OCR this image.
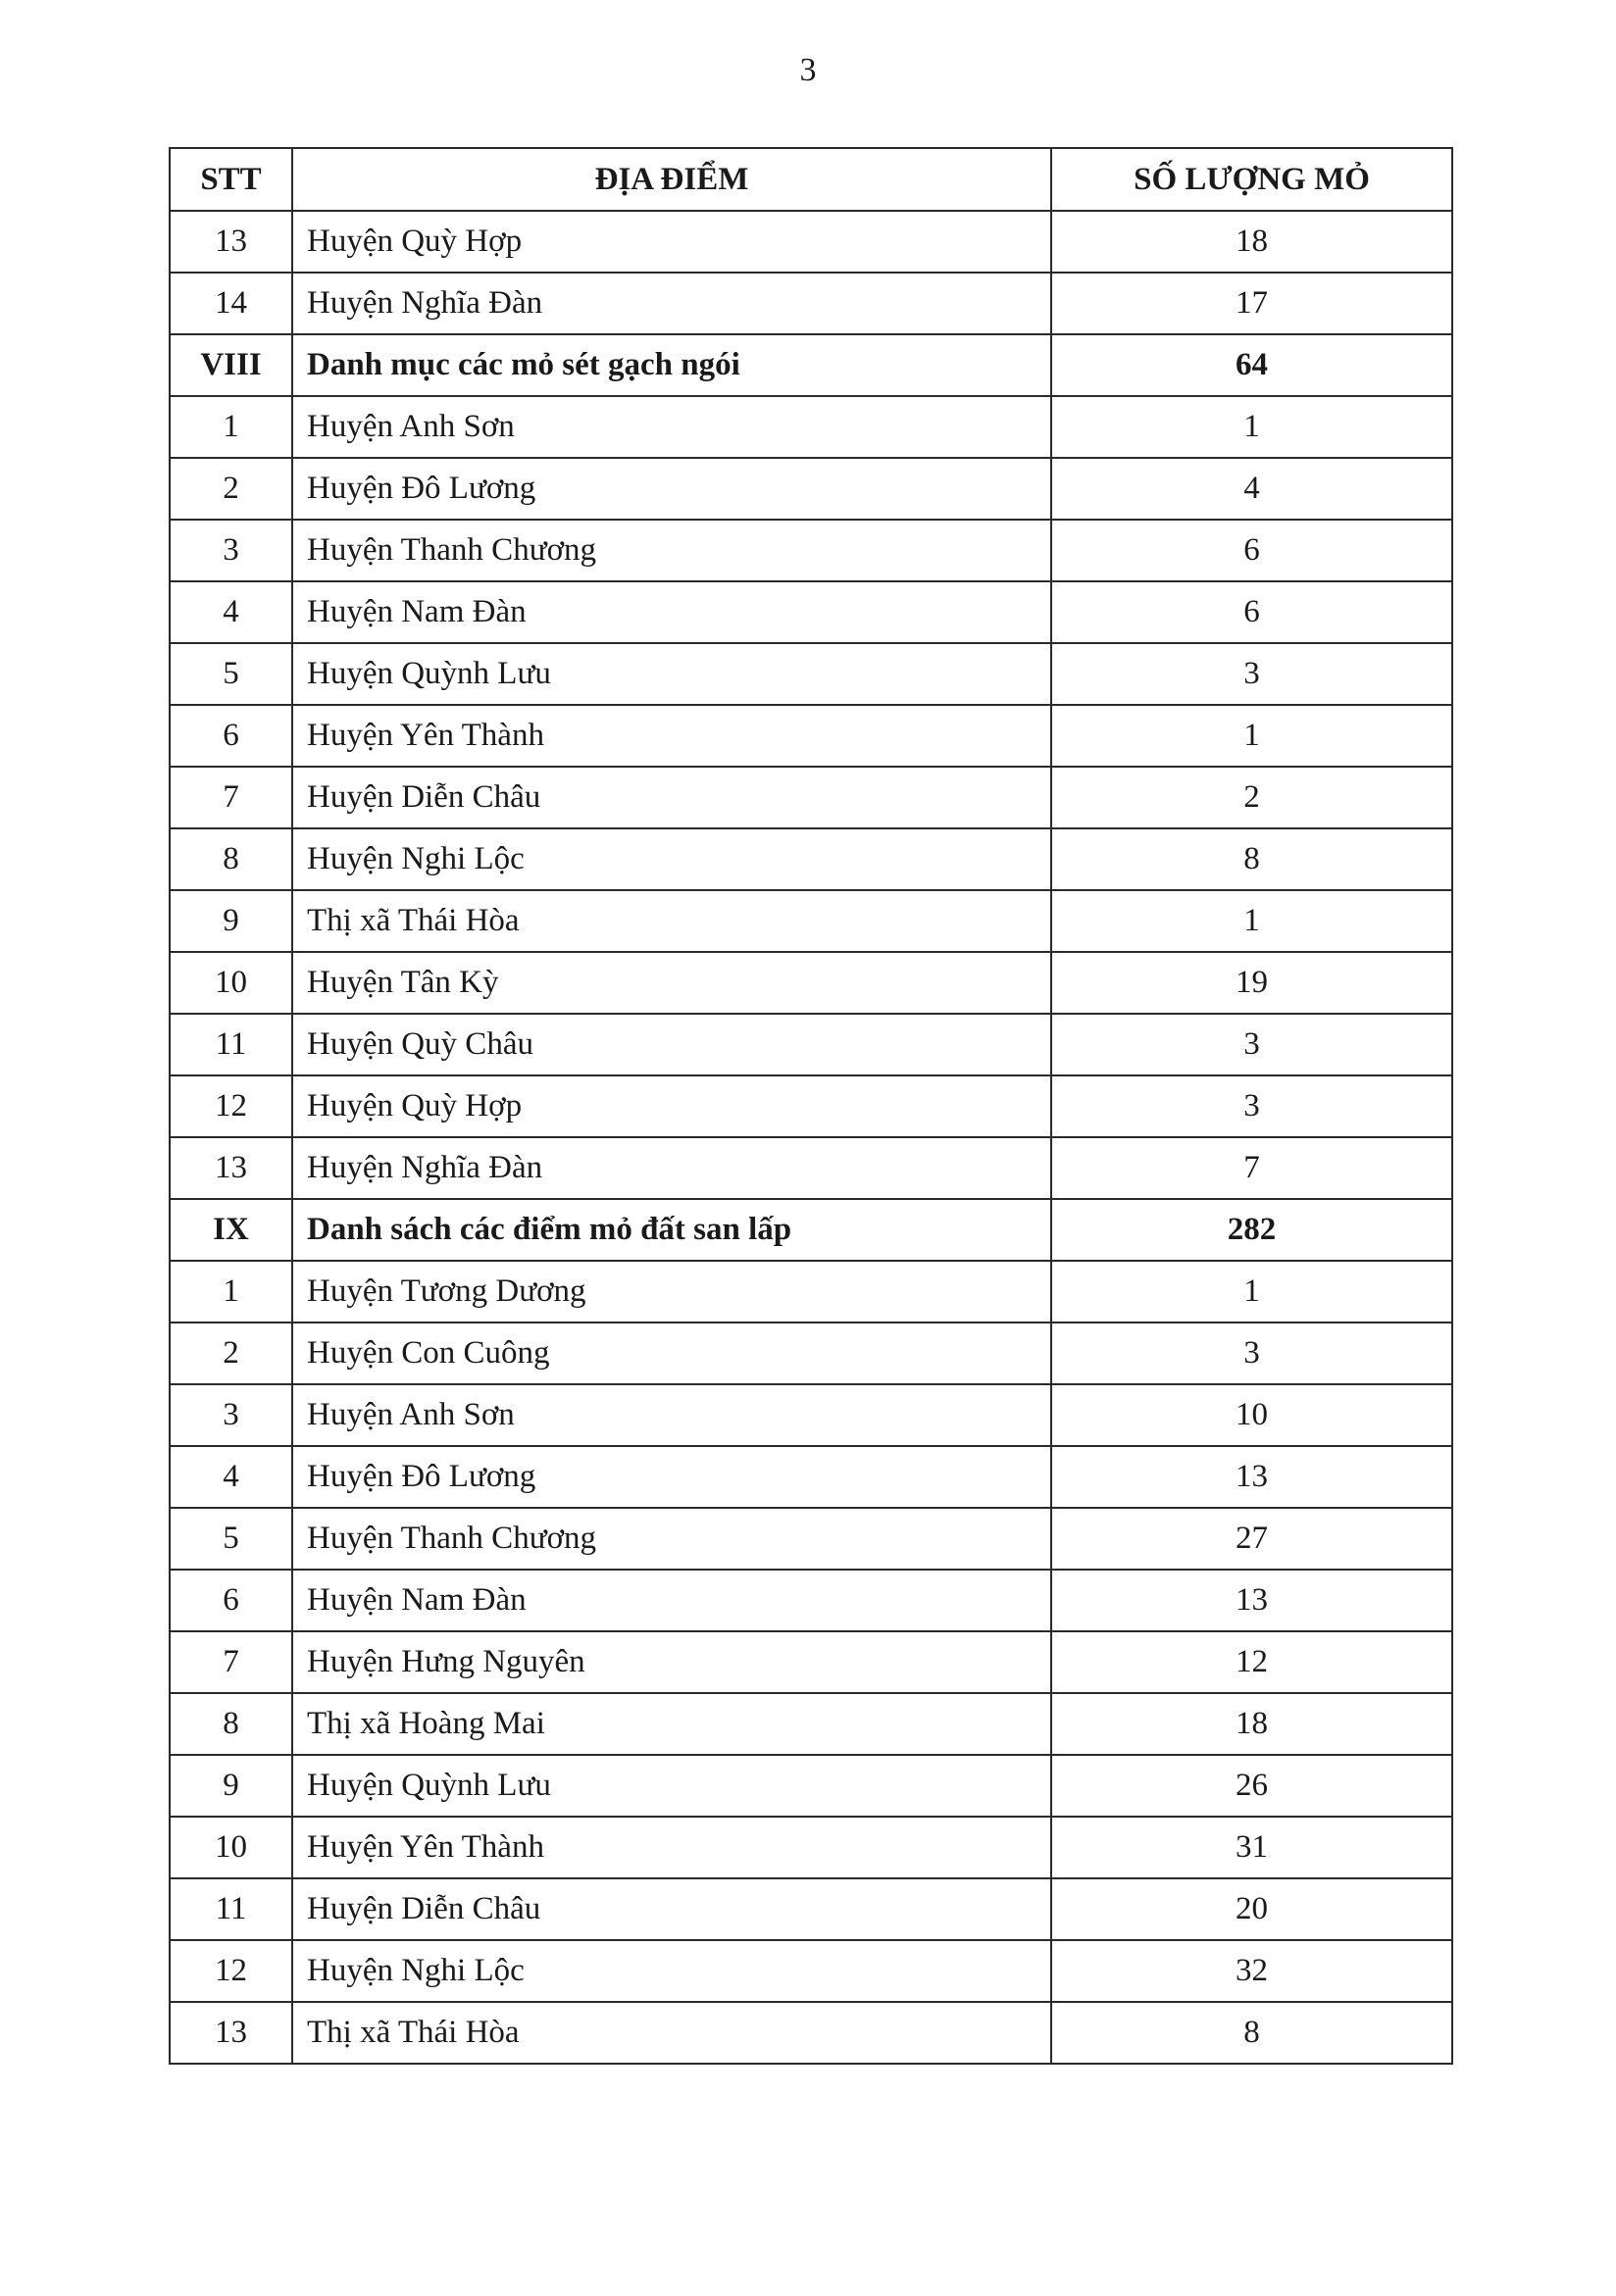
3
STT	ĐỊA ĐIỂM	SỐ LƯỢNG MỎ
13	Huyện Quỳ Hợp	18
14	Huyện Nghĩa Đàn	17
VIII	Danh mục các mỏ sét gạch ngói	64
1	Huyện Anh Sơn	1
2	Huyện Đô Lương	4
3	Huyện Thanh Chương	6
4	Huyện Nam Đàn	6
5	Huyện Quỳnh Lưu	3
6	Huyện Yên Thành	1
7	Huyện Diễn Châu	2
8	Huyện Nghi Lộc	8
9	Thị xã Thái Hòa	1
10	Huyện Tân Kỳ	19
11	Huyện Quỳ Châu	3
12	Huyện Quỳ Hợp	3
13	Huyện Nghĩa Đàn	7
IX	Danh sách các điểm mỏ đất san lấp	282
1	Huyện Tương Dương	1
2	Huyện Con Cuông	3
3	Huyện Anh Sơn	10
4	Huyện Đô Lương	13
5	Huyện Thanh Chương	27
6	Huyện Nam Đàn	13
7	Huyện Hưng Nguyên	12
8	Thị xã Hoàng Mai	18
9	Huyện Quỳnh Lưu	26
10	Huyện Yên Thành	31
11	Huyện Diễn Châu	20
12	Huyện Nghi Lộc	32
13	Thị xã Thái Hòa	8
